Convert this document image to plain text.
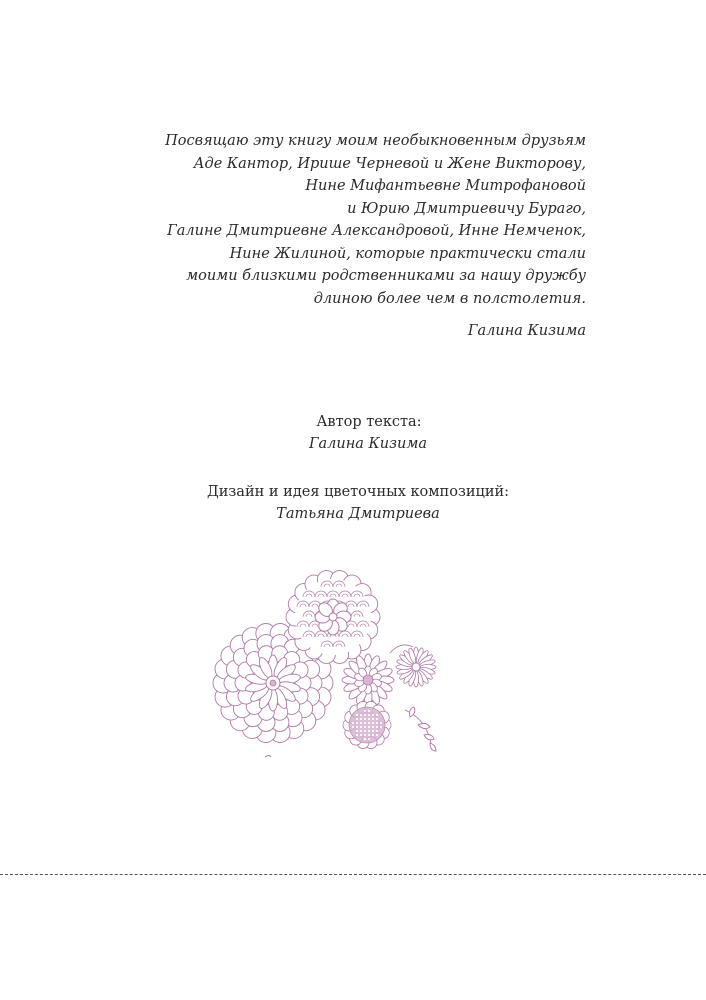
Посвящаю эту книгу моим необыкновенным друзьям
Аде Кантор, Ирише Черневой и Жене Викторову,
Нине Мифантьевне Митрофановой
и Юрию Дмитриевичу Бураго,
Галине Дмитриевне Александровой, Инне Немченок,
Нине Жилиной, которые практически стали
моими близкими родственниками за нашу дружбу
длиною более чем в полстолетия.
Галина Кизима
Автор текста:
Галина Кизима
Дизайн и идея цветочных композиций:
Татьяна Дмитриева
